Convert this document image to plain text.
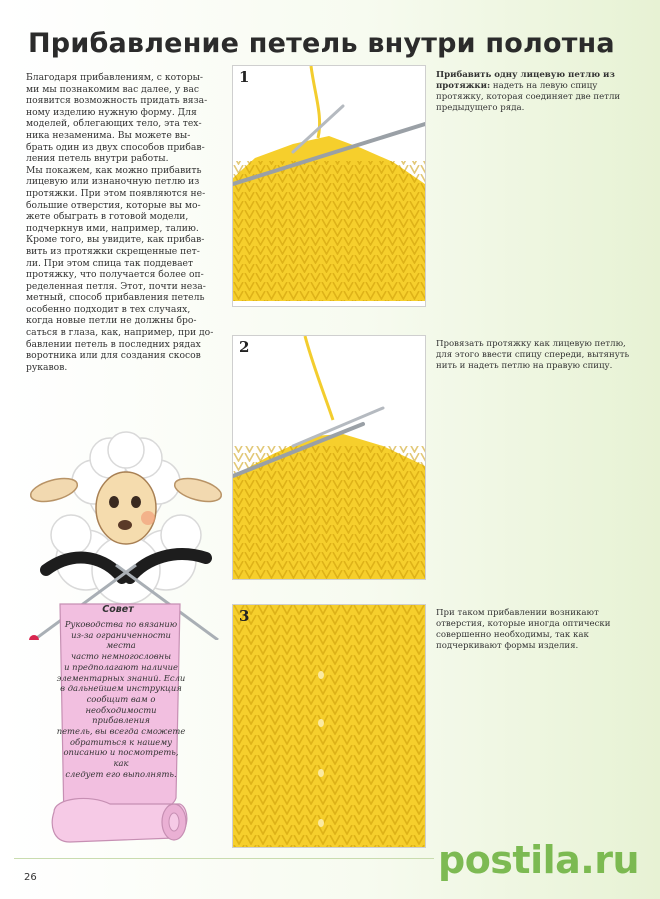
Прибавление петель внутри полотна

Благодаря прибавлениям, с которы-

ми мы познакомим вас далее, у вас

появится возможность придать вяза-

ному изделию нужную форму. Для

моделей, облегающих тело, эта тех-

ника незаменима. Вы можете вы-

брать один из двух способов прибав-

ления петель внутри работы.

Мы покажем, как можно прибавить

лицевую или изнаночную петлю из

протяжки. При этом появляются не-

большие отверстия, которые вы мо-

жете обыграть в готовой модели,

подчеркнув ими, например, талию.

Кроме того, вы увидите, как прибав-

вить из протяжки скрещенные пет-

ли. При этом спица так поддевает

протяжку, что получается более оп-

ределенная петля. Этот, почти неза-

метный, способ прибавления петель

особенно подходит в тех случаях,

когда новые петли не должны бро-

саться в глаза, как, например, при до-

бавлении петель в последних рядах

воротника или для создания скосов

рукавов.

1
2
3
Прибавить одну лицевую петлю из протяжки: надеть на левую спицу протяжку, которая соединяет две петли предыдущего ряда.
Провязать протяжку как лицевую петлю, для этого ввести спицу спереди, вытянуть нить и надеть петлю на правую спицу.
При таком прибавлении возникают отверстия, которые иногда оптически совершенно необходимы, так как подчеркивают формы изделия.
Совет
Руководства по вязанию
из-за ограниченности места
часто немногословны
и предполагают наличие
элементарных знаний. Если
в дальнейшем инструкция
сообщит вам о
необходимости прибавления
петель, вы всегда сможете
обратиться к нашему
описанию и посмотреть, как
следует его выполнять.
26	postila.ru
